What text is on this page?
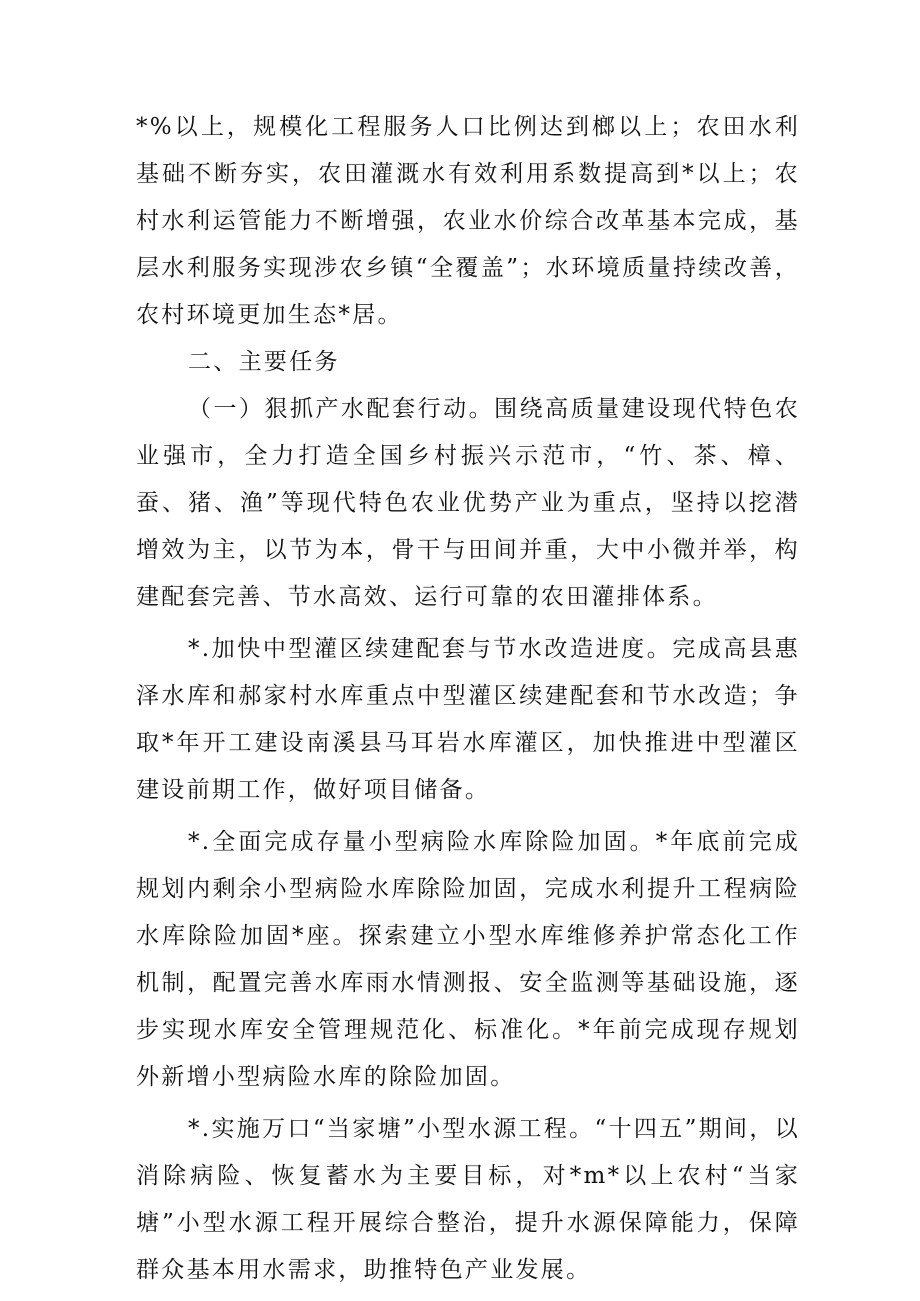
*%以上，规模化工程服务人口比例达到榔以上；农田水利基础不断夯实，农田灌溉水有效利用系数提高到*以上；农村水利运管能力不断增强，农业水价综合改革基本完成，基层水利服务实现涉农乡镇“全覆盖”；水环境质量持续改善，农村环境更加生态*居。

二、主要任务

（一）狠抓产水配套行动。围绕高质量建设现代特色农业强市，全力打造全国乡村振兴示范市，“竹、茶、樟、蚕、猪、渔”等现代特色农业优势产业为重点，坚持以挖潜增效为主，以节为本，骨干与田间并重，大中小微并举，构建配套完善、节水高效、运行可靠的农田灌排体系。

*.加快中型灌区续建配套与节水改造进度。完成高县惠泽水库和郝家村水库重点中型灌区续建配套和节水改造；争取*年开工建设南溪县马耳岩水库灌区，加快推进中型灌区建设前期工作，做好项目储备。

*.全面完成存量小型病险水库除险加固。*年底前完成规划内剩余小型病险水库除险加固，完成水利提升工程病险水库除险加固*座。探索建立小型水库维修养护常态化工作机制，配置完善水库雨水情测报、安全监测等基础设施，逐步实现水库安全管理规范化、标准化。*年前完成现存规划外新增小型病险水库的除险加固。

*.实施万口“当家塘”小型水源工程。“十四五”期间，以消除病险、恢复蓄水为主要目标，对*m*以上农村“当家塘”小型水源工程开展综合整治，提升水源保障能力，保障群众基本用水需求，助推特色产业发展。
